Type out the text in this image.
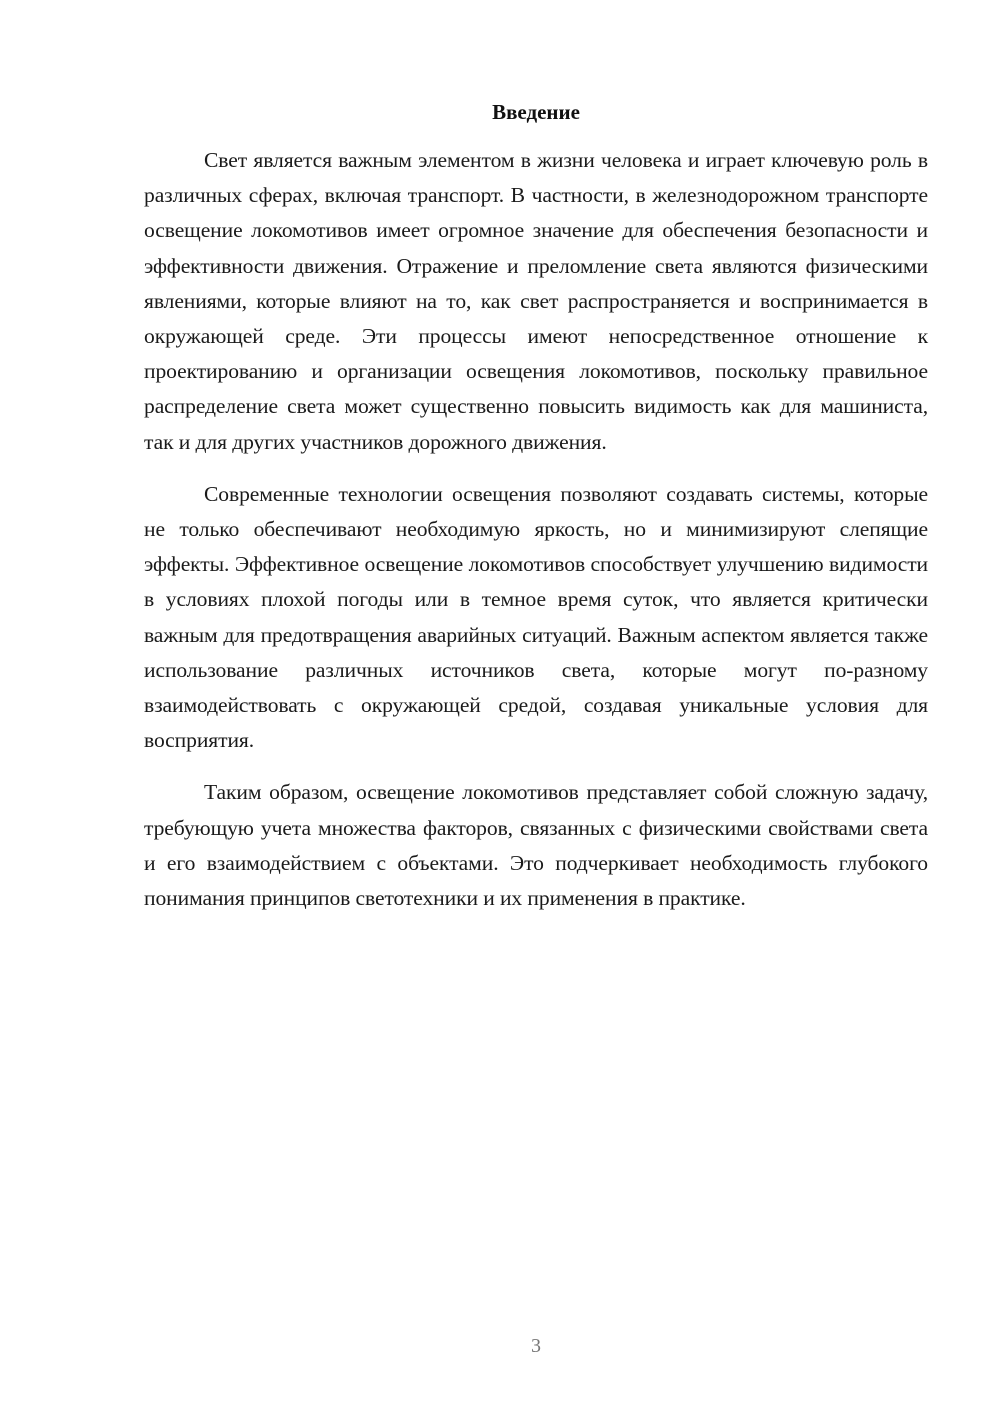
Введение

Свет является важным элементом в жизни человека и играет ключевую роль в различных сферах, включая транспорт. В частности, в железнодорожном транспорте освещение локомотивов имеет огромное значение для обеспечения безопасности и эффективности движения. Отражение и преломление света являются физическими явлениями, которые влияют на то, как свет распространяется и воспринимается в окружающей среде. Эти процессы имеют непосредственное отношение к проектированию и организации освещения локомотивов, поскольку правильное распределение света может существенно повысить видимость как для машиниста, так и для других участников дорожного движения.

Современные технологии освещения позволяют создавать системы, которые не только обеспечивают необходимую яркость, но и минимизируют слепящие эффекты. Эффективное освещение локомотивов способствует улучшению видимости в условиях плохой погоды или в темное время суток, что является критически важным для предотвращения аварийных ситуаций. Важным аспектом является также использование различных источников света, которые могут по-разному взаимодействовать с окружающей средой, создавая уникальные условия для восприятия.

Таким образом, освещение локомотивов представляет собой сложную задачу, требующую учета множества факторов, связанных с физическими свойствами света и его взаимодействием с объектами. Это подчеркивает необходимость глубокого понимания принципов светотехники и их применения в практике.

3
